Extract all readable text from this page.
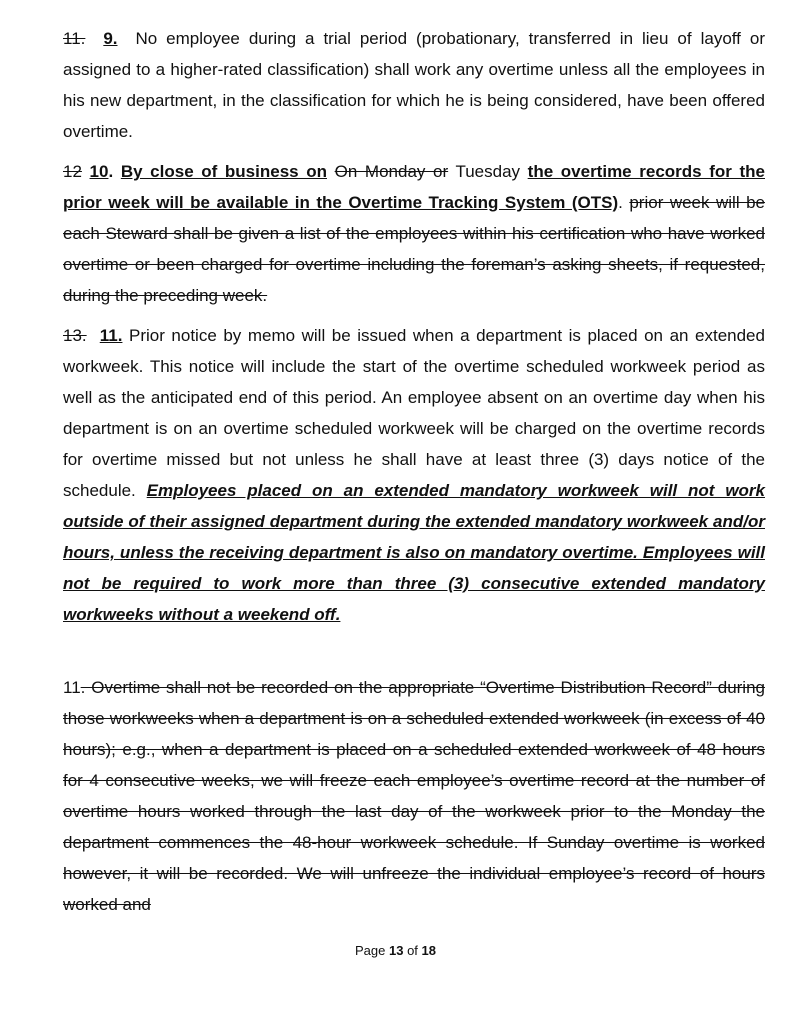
11. 9. No employee during a trial period (probationary, transferred in lieu of layoff or assigned to a higher-rated classification) shall work any overtime unless all the employees in his new department, in the classification for which he is being considered, have been offered overtime.

12 10. By close of business on On Monday or Tuesday the overtime records for the prior week will be available in the Overtime Tracking System (OTS). prior week will be each Steward shall be given a list of the employees within his certification who have worked overtime or been charged for overtime including the foreman’s asking sheets, if requested, during the preceding week.

13. 11. Prior notice by memo will be issued when a department is placed on an extended workweek. This notice will include the start of the overtime scheduled workweek period as well as the anticipated end of this period. An employee absent on an overtime day when his department is on an overtime scheduled workweek will be charged on the overtime records for overtime missed but not unless he shall have at least three (3) days notice of the schedule. Employees placed on an extended mandatory workweek will not work outside of their assigned department during the extended mandatory workweek and/or hours, unless the receiving department is also on mandatory overtime. Employees will not be required to work more than three (3) consecutive extended mandatory workweeks without a weekend off.

11. Overtime shall not be recorded on the appropriate “Overtime Distribution Record” during those workweeks when a department is on a scheduled extended workweek (in excess of 40 hours); e.g., when a department is placed on a scheduled extended workweek of 48 hours for 4 consecutive weeks, we will freeze each employee’s overtime record at the number of overtime hours worked through the last day of the workweek prior to the Monday the department commences the 48-hour workweek schedule. If Sunday overtime is worked however, it will be recorded. We will unfreeze the individual employee’s record of hours worked and

Page 13 of 18
